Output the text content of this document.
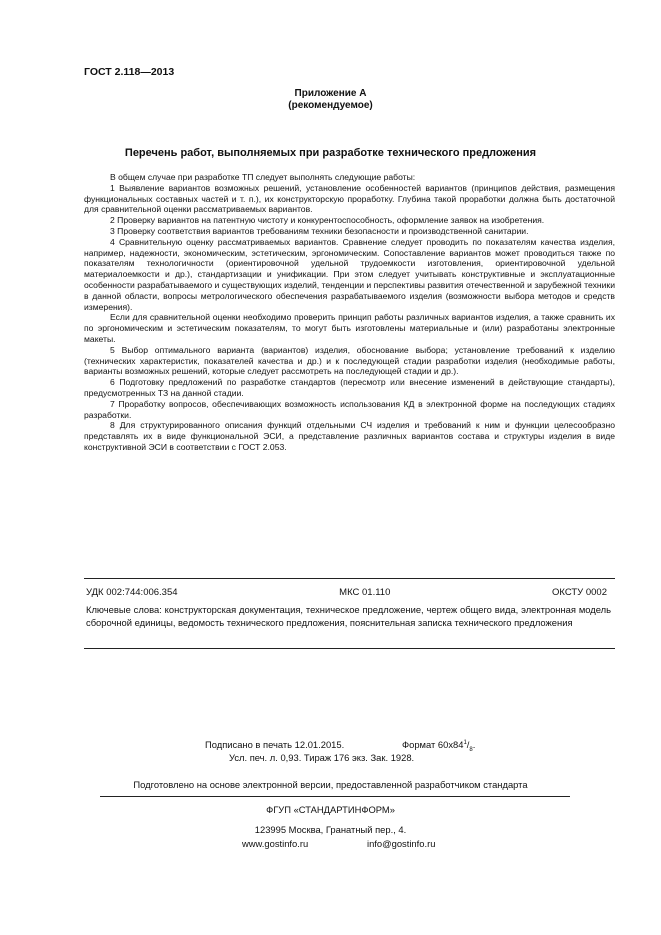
ГОСТ 2.118—2013
Приложение А
(рекомендуемое)
Перечень работ, выполняемых при разработке технического предложения

В общем случае при разработке ТП следует выполнять следующие работы:

1 Выявление вариантов возможных решений, установление особенностей вариантов (принципов действия, размещения функциональных составных частей и т. п.), их конструкторскую проработку. Глубина такой проработки должна быть достаточной для сравнительной оценки рассматриваемых вариантов.

2 Проверку вариантов на патентную чистоту и конкурентоспособность, оформление заявок на изобретения.

3 Проверку соответствия вариантов требованиям техники безопасности и производственной санитарии.

4 Сравнительную оценку рассматриваемых вариантов. Сравнение следует проводить по показателям качества изделия, например, надежности, экономическим, эстетическим, эргономическим. Сопоставление вариантов может проводиться также по показателям технологичности (ориентировочной удельной трудоемкости изготовления, ориентировочной удельной материалоемкости и др.), стандартизации и унификации. При этом следует учитывать конструктивные и эксплуатационные особенности разрабатываемого и существующих изделий, тенденции и перспективы развития отечественной и зарубежной техники в данной области, вопросы метрологического обеспечения разрабатываемого изделия (возможности выбора методов и средств измерения).

Если для сравнительной оценки необходимо проверить принцип работы различных вариантов изделия, а также сравнить их по эргономическим и эстетическим показателям, то могут быть изготовлены материальные и (или) разработаны электронные макеты.

5 Выбор оптимального варианта (вариантов) изделия, обоснование выбора; установление требований к изделию (технических характеристик, показателей качества и др.) и к последующей стадии разработки изделия (необходимые работы, варианты возможных решений, которые следует рассмотреть на последующей стадии и др.).

6 Подготовку предложений по разработке стандартов (пересмотр или внесение изменений в действующие стандарты), предусмотренных ТЗ на данной стадии.

7 Проработку вопросов, обеспечивающих возможность использования КД в электронной форме на последующих стадиях разработки.

8 Для структурированного описания функций отдельными СЧ изделия и требований к ним и функции целесообразно представлять их в виде функциональной ЭСИ, а представление различных вариантов состава и структуры изделия в виде конструктивной ЭСИ в соответствии с ГОСТ 2.053.

УДК 002:744:006.354	МКС 01.110	ОКСТУ 0002
Ключевые слова: конструкторская документация, техническое предложение, чертеж общего вида, электронная модель сборочной единицы, ведомость технического предложения, пояснительная записка технического предложения
Подписано в печать 12.01.2015.	Формат $60x84^1/_8$.
Усл. печ. л. 0,93. Тираж 176 экз. Зак. 1928.
Подготовлено на основе электронной версии, предоставленной разработчиком стандарта
ФГУП «СТАНДАРТИНФОРМ»
123995 Москва, Гранатный пер., 4.
www.gostinfo.ru	info@gostinfo.ru
